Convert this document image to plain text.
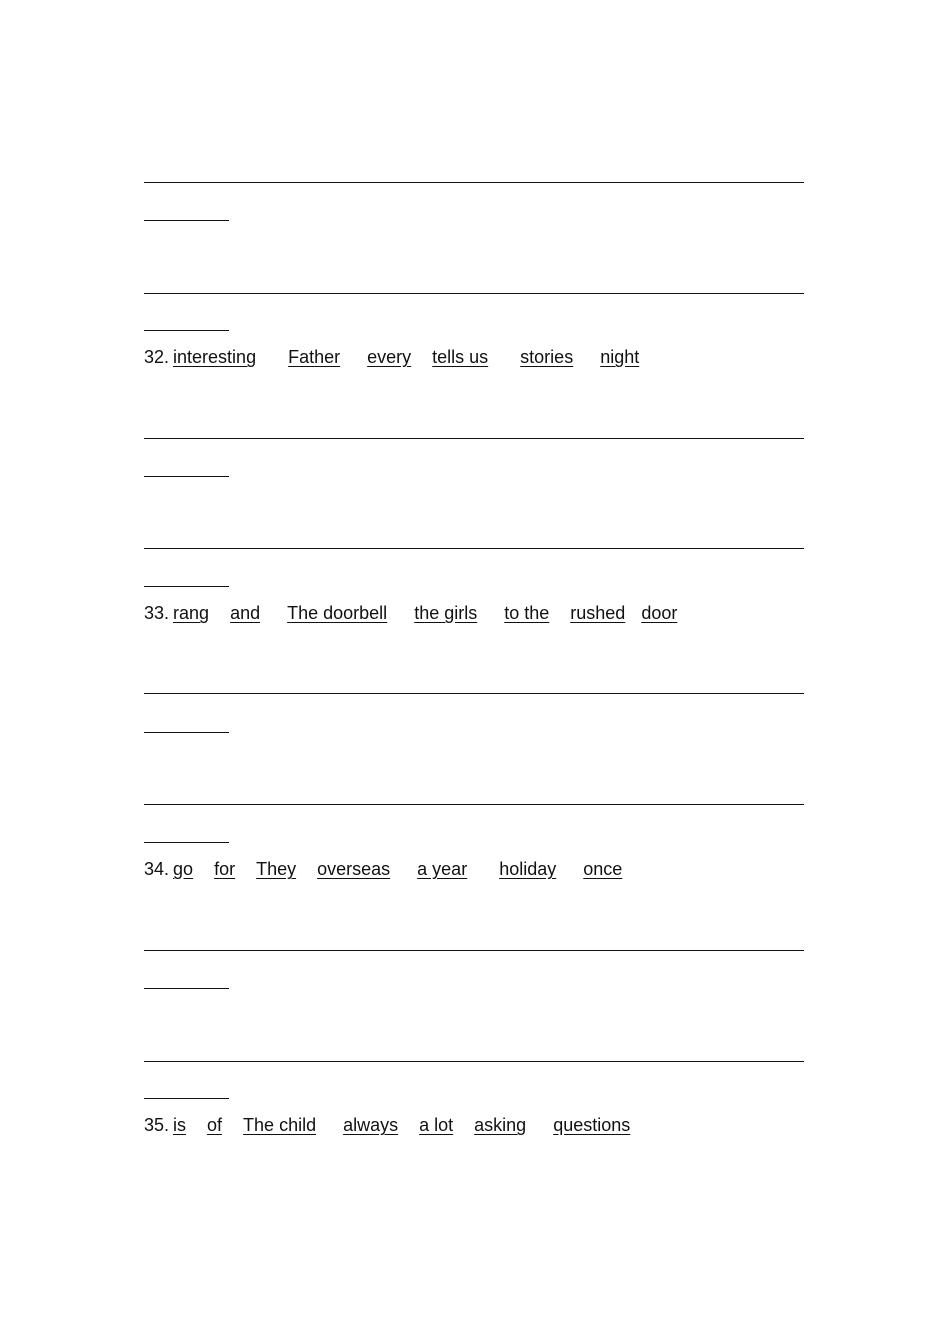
32. interesting Father every tells us stories night
33. rang and The doorbell the girls to the rushed door
34. go for They overseas a year holiday once
35. is of The child always a lot asking questions
